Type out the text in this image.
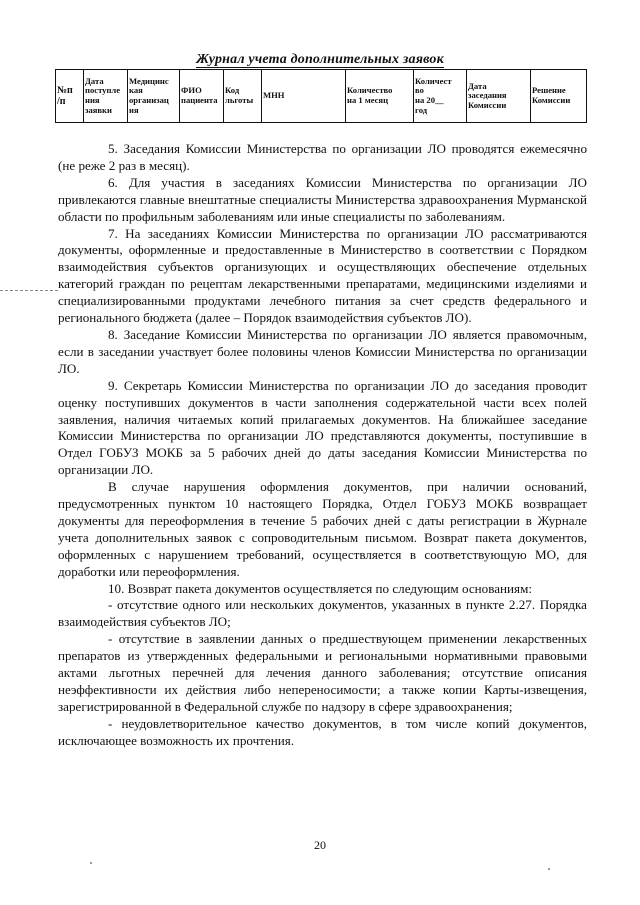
Журнал учета дополнительных заявок
№п
/п	Дата
поступле
ния
заявки	Медицинс
кая
организац
ия	ФИО
пациента	Код
льготы	МНН	Количество
на 1 месяц	Количест
во
на 20__
год	Дата
заседания
Комиссии	Решение
Комиссии

5. Заседания Комиссии Министерства по организации ЛО проводятся ежемесячно (не реже 2 раз в месяц).

6. Для участия в заседаниях Комиссии Министерства по организации ЛО привлекаются главные внештатные специалисты Министерства здравоохранения Мурманской области по профильным заболеваниям или иные специалисты по заболеваниям.

7. На заседаниях Комиссии Министерства по организации ЛО рассматриваются документы, оформленные и предоставленные в Министерство в соответствии с Порядком взаимодействия субъектов организующих и осуществляющих обеспечение отдельных категорий граждан по рецептам лекарственными препаратами, медицинскими изделиями и специализированными продуктами лечебного питания за счет средств федерального и регионального бюджета (далее – Порядок взаимодействия субъектов ЛО).

8. Заседание Комиссии Министерства по организации ЛО является правомочным, если в заседании участвует более половины членов Комиссии Министерства по организации ЛО.

9. Секретарь Комиссии Министерства по организации ЛО до заседания проводит оценку поступивших документов в части заполнения содержательной части всех полей заявления, наличия читаемых копий прилагаемых документов. На ближайшее заседание Комиссии Министерства по организации ЛО представляются документы, поступившие в Отдел ГОБУЗ МОКБ за 5 рабочих дней до даты заседания Комиссии Министерства по организации ЛО.

В случае нарушения оформления документов, при наличии оснований, предусмотренных пунктом 10 настоящего Порядка, Отдел ГОБУЗ МОКБ возвращает документы для переоформления в течение 5 рабочих дней с даты регистрации в Журнале учета дополнительных заявок с сопроводительным письмом. Возврат пакета документов, оформленных с нарушением требований, осуществляется в соответствующую МО, для доработки или переоформления.

10. Возврат пакета документов осуществляется по следующим основаниям:

- отсутствие одного или нескольких документов, указанных в пункте 2.27. Порядка взаимодействия субъектов ЛО;

- отсутствие в заявлении данных о предшествующем применении лекарственных препаратов из утвержденных федеральными и региональными нормативными правовыми актами льготных перечней для лечения данного заболевания; отсутствие описания неэффективности их действия либо непереносимости; а также копии Карты-извещения, зарегистрированной в Федеральной службе по надзору в сфере здравоохранения;

- неудовлетворительное качество документов, в том числе копий документов, исключающее возможность их прочтения.

20
